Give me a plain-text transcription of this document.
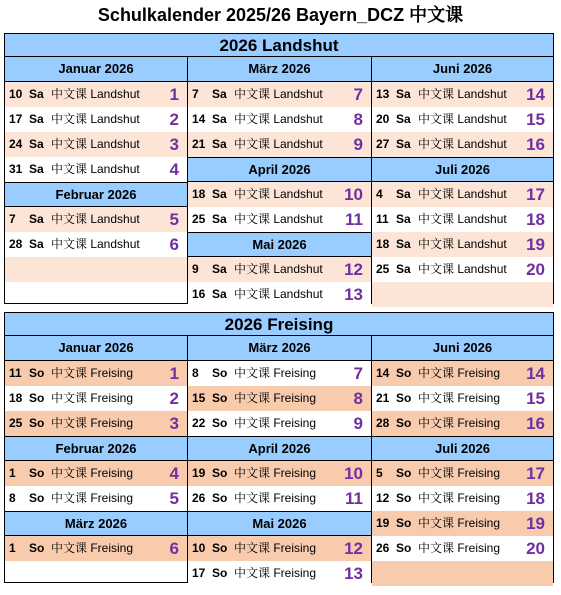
Schulkalender 2025/26 Bayern_DCZ 中文课
2026 Landshut
Januar 2026
10 Sa 中文课 Landshut 1
17 Sa 中文课 Landshut 2
24 Sa 中文课 Landshut 3
31 Sa 中文课 Landshut 4
Februar 2026
7 Sa 中文课 Landshut 5
28 Sa 中文课 Landshut 6
März 2026
7 Sa 中文课 Landshut 7
14 Sa 中文课 Landshut 8
21 Sa 中文课 Landshut 9
April 2026
18 Sa 中文课 Landshut 10
25 Sa 中文课 Landshut 11
Mai 2026
9 Sa 中文课 Landshut 12
16 Sa 中文课 Landshut 13
Juni 2026
13 Sa 中文课 Landshut 14
20 Sa 中文课 Landshut 15
27 Sa 中文课 Landshut 16
Juli 2026
4 Sa 中文课 Landshut 17
11 Sa 中文课 Landshut 18
18 Sa 中文课 Landshut 19
25 Sa 中文课 Landshut 20
2026 Freising
Januar 2026
11 So 中文课 Freising 1
18 So 中文课 Freising 2
25 So 中文课 Freising 3
Februar 2026
1 So 中文课 Freising 4
8 So 中文课 Freising 5
März 2026
1 So 中文课 Freising 6
März 2026
8 So 中文课 Freising 7
15 So 中文课 Freising 8
22 So 中文课 Freising 9
April 2026
19 So 中文课 Freising 10
26 So 中文课 Freising 11
Mai 2026
10 So 中文课 Freising 12
17 So 中文课 Freising 13
Juni 2026
14 So 中文课 Freising 14
21 So 中文课 Freising 15
28 So 中文课 Freising 16
Juli 2026
5 So 中文课 Freising 17
12 So 中文课 Freising 18
19 So 中文课 Freising 19
26 So 中文课 Freising 20
